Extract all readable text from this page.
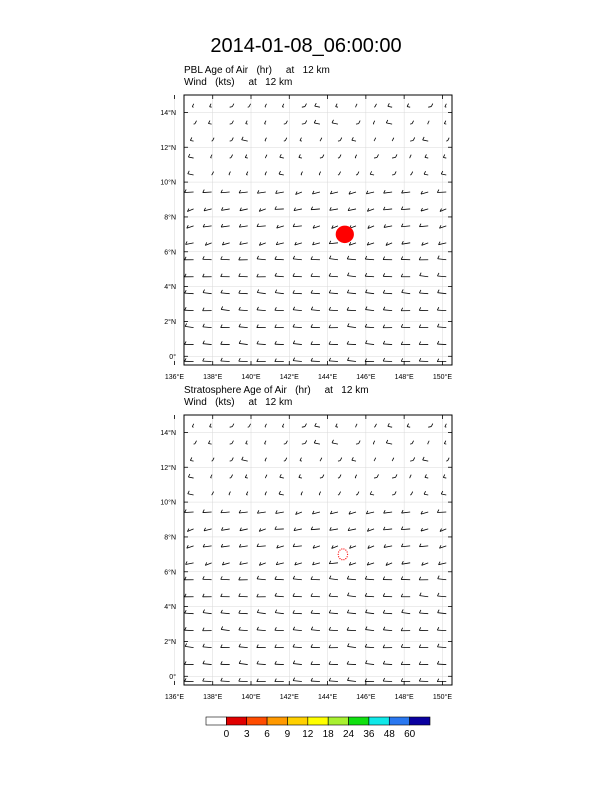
2014-01-08_06:00:00
PBL Age of Air   (hr)     at   12 km
Wind   (kts)     at   12 km
136°E	138°E	140°E	142°E	144°E	146°E	148°E	150°E
0°
2°N
4°N
6°N
8°N
10°N
12°N
14°N
Stratosphere Age of Air   (hr)     at   12 km
Wind   (kts)     at   12 km
136°E	138°E	140°E	142°E	144°E	146°E	148°E	150°E
0°
2°N
4°N
6°N
8°N
10°N
12°N
14°N
0 3 6 9 12 18 24 36 48 60
